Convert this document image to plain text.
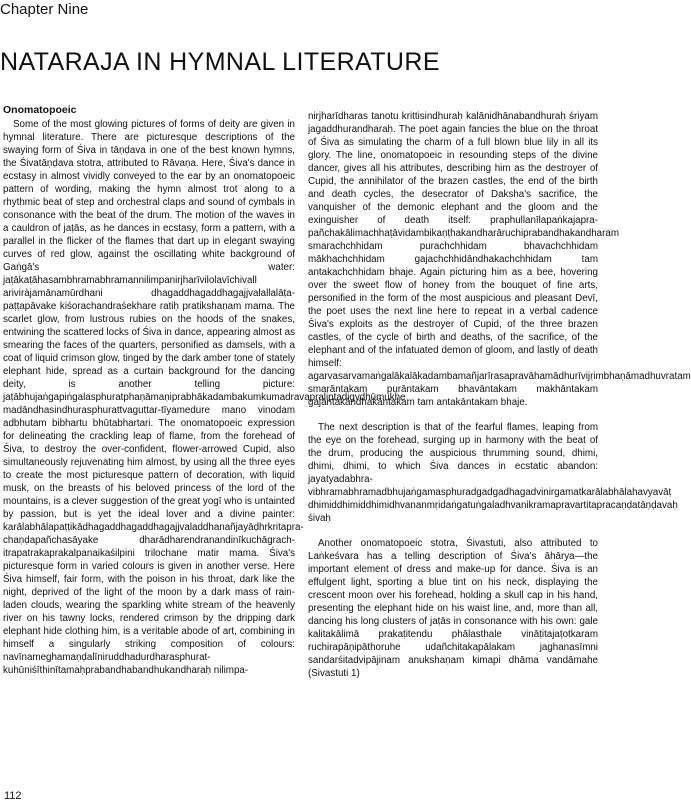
Chapter Nine
NATARAJA IN HYMNAL LITERATURE
Onomatopoeic

Some of the most glowing pictures of forms of deity are given in hymnal literature. There are picturesque descriptions of the swaying form of Śiva in tāṇḍava in one of the best known hymns, the Śivatāṇḍava stotra, attributed to Rāvaṇa. Here, Śiva's dance in ecstasy in almost vividly conveyed to the ear by an onomatopoeic pattern of wording, making the hymn almost trot along to a rhythmic beat of step and orchestral claps and sound of cymbals in consonance with the beat of the drum. The motion of the waves in a cauldron of jaṭās, as he dances in ecstasy, form a pattern, with a parallel in the flicker of the flames that dart up in elegant swaying curves of red glow, against the oscillating white background of Gaṅgā's water: jaṭākaṭāhasambhramabhramannilimpanirjharīvilolavīchivall ariviràjamānamūrdhani dhagaddhagaddhagajjvalallalāṭa-paṭṭapāvake kiśorachandraśekhare ratiḥ pratikshaṇam mama. The scarlet glow, from lustrous rubies on the hoods of the snakes, entwining the scattered locks of Śiva in dance, appearing almost as smearing the faces of the quarters, personified as damsels, with a coat of liquid crimson glow, tinged by the dark amber tone of stately elephant hide, spread as a curtain background for the dancing deity, is another telling picture: jaṭābhujaṅgapiṅgalasphuratphaṇāmaṇiprabhākadambakumkumadravapraliptadigvdhūmukhe madāndhasindhurasphurattvaguttar-tīyamedure mano vinodam adbhutam bibhartu bhūtabhartari. The onomatopoeic expression for delineating the crackling leap of flame, from the forehead of Śiva, to destroy the over-confident, flower-arrowed Cupid, also simultaneously rejuvenating him almost, by using all the three eyes to create the most picturesque pattern of decoration, with liquid musk, on the breasts of his beloved princess of the lord of the mountains, is a clever suggestion of the great yogī who is untainted by passion, but is yet the ideal lover and a divine painter: karālabhālapaṭṭikādhagaddhagaddhagajjvaladdhanañjayāḍhrkritapra-chaṇḍapañchasāyake dharādharendranandinīkuchāgrach-itrapatrakaprakalpanaikaśilpini trilochane matir mama. Śiva's picturesque form in varied colours is given in another verse. Here Śiva himself, fair form, with the poison in his throat, dark like the night, deprived of the light of the moon by a dark mass of rain-laden clouds, wearing the sparkling white stream of the heavenly river on his tawny locks, rendered crimson by the dripping dark elephant hide clothing him, is a veritable abode of art, combining in himself a singularly striking composition of colours: navīnameghamaṇḍalīniruddhadurdharasphurat-kuhūniśīthinītamaḥprabandhabandhukandharaḥ nilimpa-

nirjharīdharas tanotu krittisindhuraḥ kalānidhānabandhuraḥ śriyam jagaddhurandharaḥ. The poet again fancies the blue on the throat of Śiva as simulating the charm of a full blown blue lily in all its glory. The line, onomatopoeic in resounding steps of the divine dancer, gives all his attributes, describing him as the destroyer of Cupid, the annihilator of the brazen castles, the end of the birth and death cycles, the desecrator of Daksha's sacrifice, the vanquisher of the demonic elephant and the gloom and the exinguisher of death itself: praphullanīlapaṅkajapra-pañchakālimachhaṭāvidambikaṇṭhakandharāruchiprabandhakandharam smarachchhidam purachchhidam bhavachchhidam mākhachchhidam gajachchhidāndhakachchhidam tam antakachchhidam bhaje. Again picturing him as a bee, hovering over the sweet flow of honey from the bouquet of fine arts, personified in the form of the most auspicious and pleasant Devī, the poet uses the next line here to repeat in a verbal cadence Śiva's exploits as the destroyer of Cupid, of the three brazen castles, of the cycle of birth and deaths, of the sacrifice, of the elephant and of the infatuated demon of gloom, and lastly of death himself: agarvasarvamaṅgalākalākadambamañjarīrasapravāhamādhurīvijṛimbhaṇāmadhuvratam smarāntakam purāntakam bhavāntakam makhāntakam gajāntakāndhakāntakam tam antakāntakam bhaje.

The next description is that of the fearful flames, leaping from the eye on the forehead, surging up in harmony with the beat of the drum, producing the auspicious thrumming sound, dhimi, dhimi, dhimi, to which Śiva dances in ecstatic abandon: jayatyadabhra-vibhramabhramadbhujaṅgamasphuradgadgadhagadvinirgamatkarālabhālahavyavāṭ dhimiddhimiddhimidhvananmṛidaṅgatuṅgaladhvanikramapravartitapracaṇḍatāṇḍavaḥ śivaḥ

Another onomatopoeic stotra, Śivastuti, also attributed to Laṅkeśvara has a telling description of Śiva's āhārya—the important element of dress and make-up for dance. Śiva is an effulgent light, sporting a blue tint on his neck, displaying the crescent moon over his forehead, holding a skull cap in his hand, presenting the elephant hide on his waist line, and, more than all, dancing his long clusters of jaṭās in consonance with his own: gale kalitakālimā prakaṭitendu phālasthale vināṭitajaṭotkaram ruchirapāṇipāthoruhe udañchitakapālakam jaghanasīmni sandarśitadvipājinam anukshaṇam kimapi dhāma vandāmahe (Sivastuti 1)

112
